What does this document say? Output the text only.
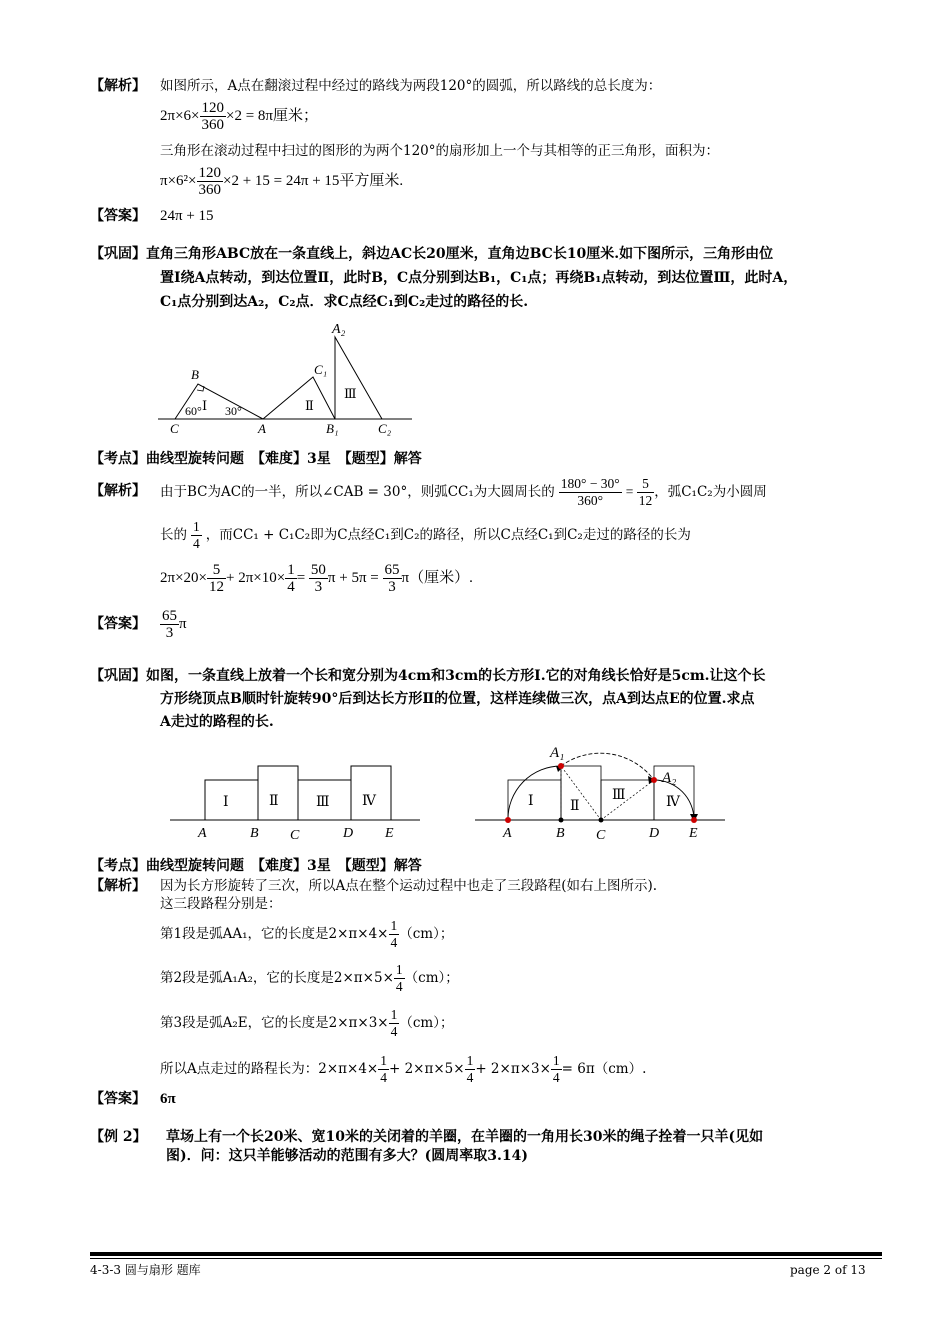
【解析】 如图所示，A点在翻滚过程中经过的路线为两段120°的圆弧，所以路线的总长度为：
$2\pi\times 6\times \frac{120}{360} \times 2 = 8\pi$厘米；
三角形在滚动过程中扫过的图形的为两个120°的扇形加上一个与其相等的正三角形，面积为：
$\pi\times 6^2\times \frac{120}{360} \times 2 + 15 = 24\pi + 15$平方厘米.
【答案】 24π + 15
【巩固】 直角三角形ABC放在一条直线上，斜边AC长20厘米，直角边BC长10厘米.如下图所示，三角形由位
置Ⅰ绕A点转动，到达位置Ⅱ，此时B，C点分别到达B₁，C₁点；再绕B₁点转动，到达位置Ⅲ，此时A，
C₁点分别到达A₂，C₂点．求C点经C₁到C₂走过的路径的长.
A₂
B	C₁
Ⅰ	Ⅱ
Ⅲ
60° 30°
C	A	B₁	C₂
【考点】曲线型旋转问题　【难度】3星　【题型】解答
【解析】 由于BC为AC的一半，所以∠CAB = 30°，则弧CC₁为大圆周长的 $\frac{180^\circ - 30^\circ}{360^\circ} = \frac{5}{12}$ ，弧C₁C₂为小圆周
长的 $\frac{1}{4}$ ，而CC₁ + C₁C₂即为C点经C₁到C₂的路径，所以C点经C₁到C₂走过的路径的长为
$2\pi\times 20\times \frac{5}{12} + 2\pi\times 10\times \frac{1}{4} = \frac{50}{3}$ $\pi + 5\pi = \frac{65}{3} \pi$（厘米）.
【答案】 $\frac{65}{3}$ π
【巩固】 如图，一条直线上放着一个长和宽分别为4cm和3cm的长方形Ⅰ.它的对角线长恰好是5cm.让这个长
方形绕顶点B顺时针旋转90°后到达长方形Ⅱ的位置，这样连续做三次，点A到达点E的位置.求点
A走过的路程的长.
Ⅰ	Ⅱ	Ⅲ Ⅳ
A	B C	D E
A₁
A₂
Ⅰ	Ⅱ
Ⅲ	Ⅳ
A	B C	D E
【考点】曲线型旋转问题　【难度】3星　【题型】解答
【解析】 因为长方形旋转了三次，所以A点在整个运动过程中也走了三段路程(如右上图所示).
这三段路程分别是：
第1段是弧AA₁，它的长度是$2\times\pi\times 4\times \frac{1}{4} (cm)$；
第2段是弧A₁A₂，它的长度是$2\times\pi\times 5\times \frac{1}{4} (cm)$；
第3段是弧A₂E，它的长度是$2\times\pi\times 3\times \frac{1}{4} (cm)$；
所以A点走过的路程长为：$2\times\pi\times 4\times \frac{1}{4} + 2\times\pi\times 5\times \frac{1}{4} + 2\times\pi\times 3\times \frac{1}{4} = 6\pi(cm)$.
【答案】 6π
【例 2】 草场上有一个长20米、宽10米的关闭着的羊圈，在羊圈的一角用长30米的绳子拴着一只羊(见如
图)．问：这只羊能够活动的范围有多大？(圆周率取3.14)
4-3-3 圆与扇形 题库	page 2 of 13
